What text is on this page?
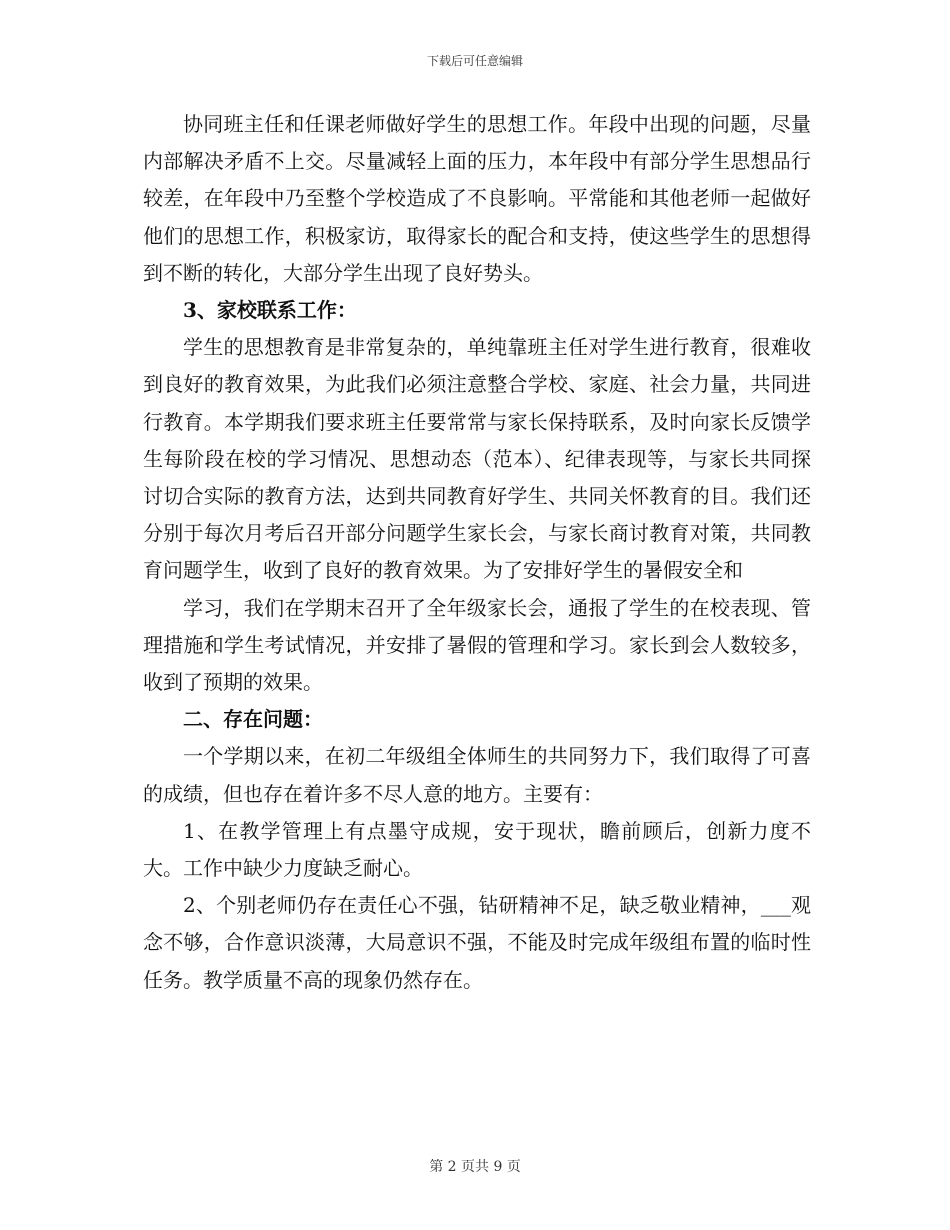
下载后可任意编辑

协同班主任和任课老师做好学生的思想工作。年段中出现的问题，尽量内部解决矛盾不上交。尽量减轻上面的压力，本年段中有部分学生思想品行较差，在年段中乃至整个学校造成了不良影响。平常能和其他老师一起做好他们的思想工作，积极家访，取得家长的配合和支持，使这些学生的思想得到不断的转化，大部分学生出现了良好势头。

3、家校联系工作：

学生的思想教育是非常复杂的，单纯靠班主任对学生进行教育，很难收到良好的教育效果，为此我们必须注意整合学校、家庭、社会力量，共同进行教育。本学期我们要求班主任要常常与家长保持联系，及时向家长反馈学生每阶段在校的学习情况、思想动态（范本）、纪律表现等，与家长共同探讨切合实际的教育方法，达到共同教育好学生、共同关怀教育的目。我们还分别于每次月考后召开部分问题学生家长会，与家长商讨教育对策，共同教育问题学生，收到了良好的教育效果。为了安排好学生的暑假安全和

学习，我们在学期末召开了全年级家长会，通报了学生的在校表现、管理措施和学生考试情况，并安排了暑假的管理和学习。家长到会人数较多，收到了预期的效果。

二、存在问题：

一个学期以来，在初二年级组全体师生的共同努力下，我们取得了可喜的成绩，但也存在着许多不尽人意的地方。主要有：

1、在教学管理上有点墨守成规，安于现状，瞻前顾后，创新力度不大。工作中缺少力度缺乏耐心。

2、个别老师仍存在责任心不强，钻研精神不足，缺乏敬业精神，___观念不够，合作意识淡薄，大局意识不强，不能及时完成年级组布置的临时性任务。教学质量不高的现象仍然存在。

第 2 页共 9 页
